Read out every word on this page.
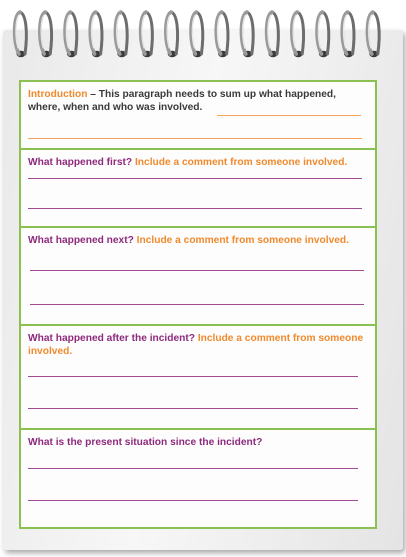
Introduction – This paragraph needs to sum up what happened, where, when and who was involved.
What happened first? Include a comment from someone involved.
What happened next? Include a comment from someone involved.
What happened after the incident? Include a comment from someone involved.
What is the present situation since the incident?
